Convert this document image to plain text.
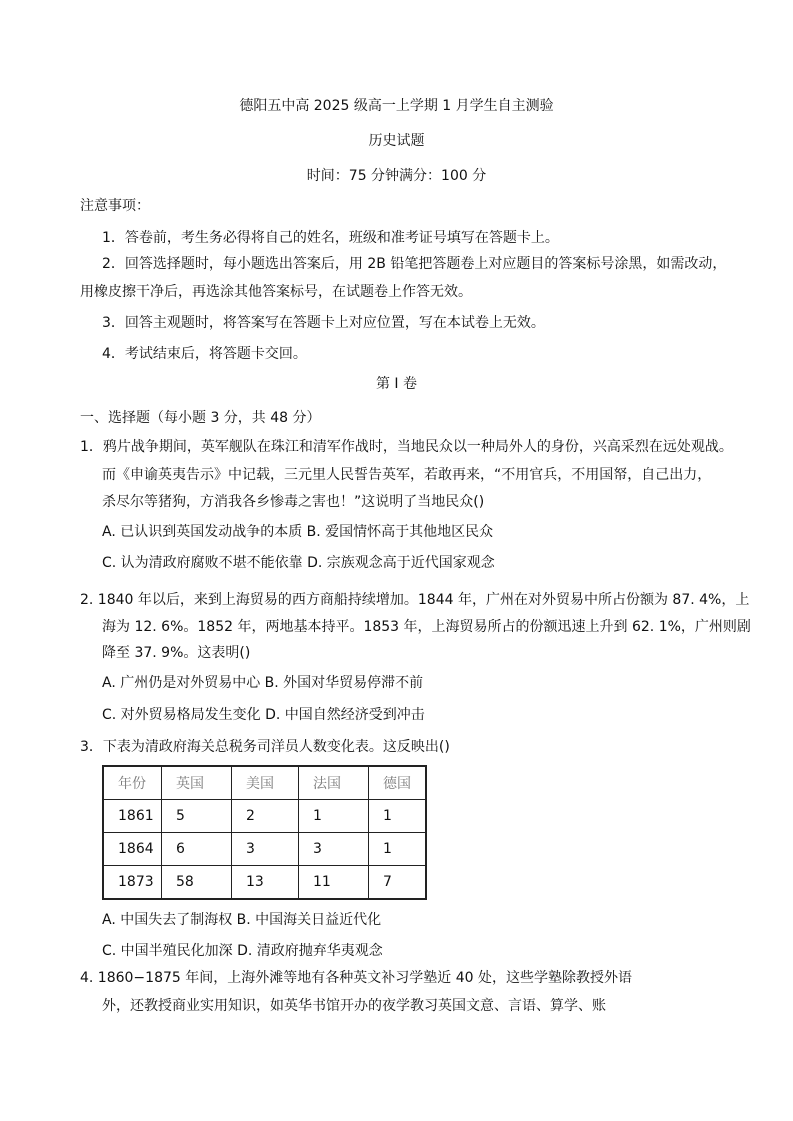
德阳五中高 2025 级高一上学期 1 月学生自主测验
历史试题
时间：75 分钟满分：100 分
注意事项：
1．答卷前，考生务必得将自己的姓名，班级和准考证号填写在答题卡上。
2．回答选择题时，每小题选出答案后，用 2B 铅笔把答题卷上对应题目的答案标号涂黑，如需改动，
用橡皮擦干净后，再选涂其他答案标号，在试题卷上作答无效。
3．回答主观题时，将答案写在答题卡上对应位置，写在本试卷上无效。
4．考试结束后，将答题卡交回。
第 I 卷
一、选择题（每小题 3 分，共 48 分）
1．鸦片战争期间，英军舰队在珠江和清军作战时，当地民众以一种局外人的身份，兴高采烈在远处观战。
而《申谕英夷告示》中记载，三元里人民誓告英军，若敢再来，“不用官兵，不用国帑，自己出力，
杀尽尔等猪狗，方消我各乡惨毒之害也！”这说明了当地民众()
A. 已认识到英国发动战争的本质 B. 爱国情怀高于其他地区民众
C. 认为清政府腐败不堪不能依靠 D. 宗族观念高于近代国家观念
2. 1840 年以后，来到上海贸易的西方商船持续增加。1844 年，广州在对外贸易中所占份额为 87. 4%，上
海为 12. 6%。1852 年，两地基本持平。1853 年，上海贸易所占的份额迅速上升到 62. 1%，广州则剧
降至 37. 9%。这表明()
A. 广州仍是对外贸易中心 B. 外国对华贸易停滞不前
C. 对外贸易格局发生变化 D. 中国自然经济受到冲击
3．下表为清政府海关总税务司洋员人数变化表。这反映出()
年份	英国	美国	法国	德国
1861	5	2	1	1
1864	6	3	3	1
1873	58	13	11	7
A. 中国失去了制海权 B. 中国海关日益近代化
C. 中国半殖民化加深 D. 清政府抛弃华夷观念
4. 1860−1875 年间，上海外滩等地有各种英文补习学塾近 40 处，这些学塾除教授外语
外，还教授商业实用知识，如英华书馆开办的夜学教习英国文意、言语、算学、账
